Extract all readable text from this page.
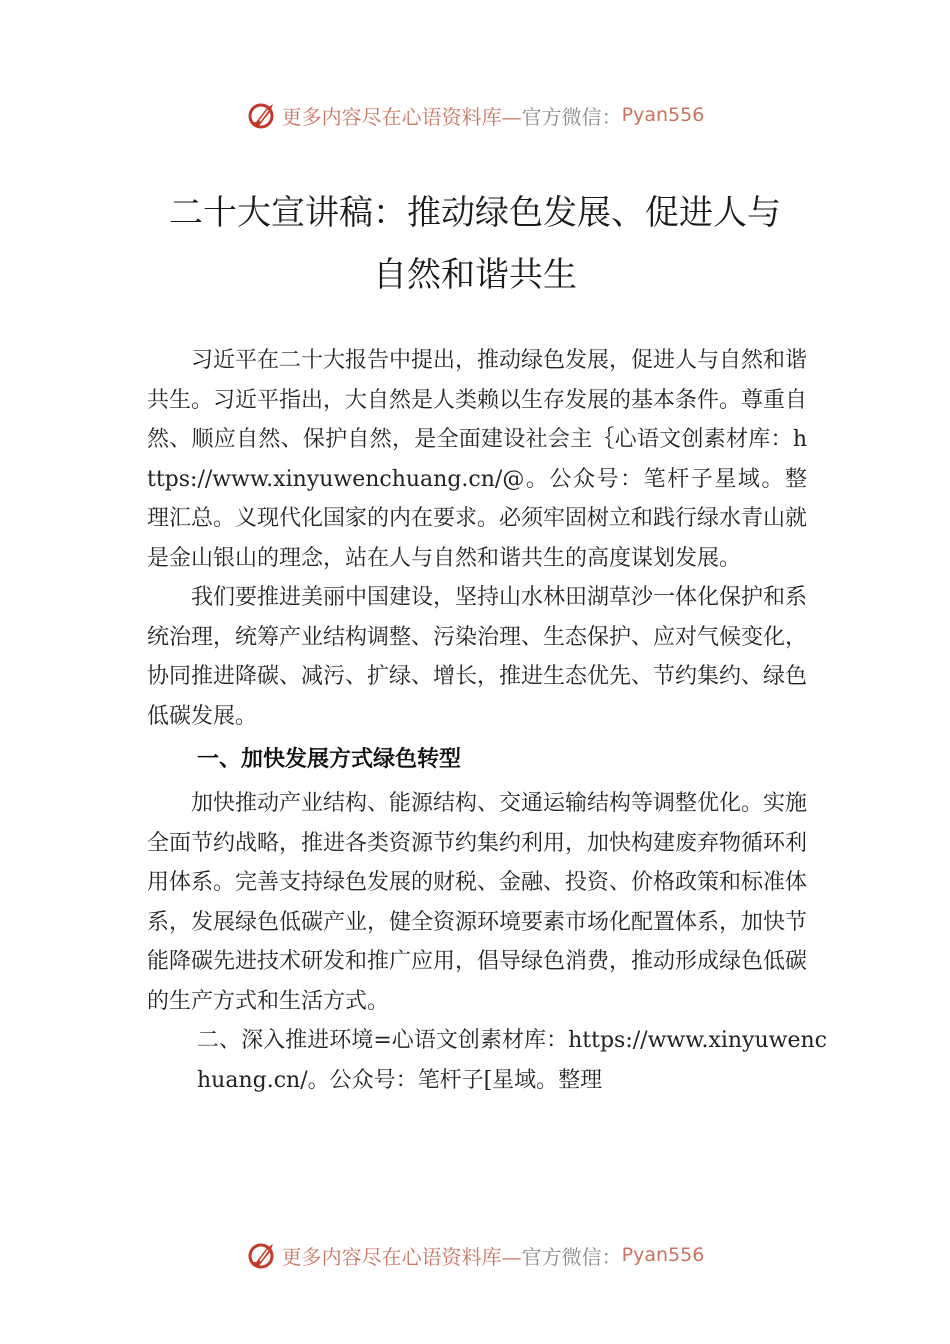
更多内容尽在心语资料库— 官方微信： Pyan556
二十大宣讲稿：推动绿色发展、促进人与
自然和谐共生

习近平在二十大报告中提出，推动绿色发展，促进人与自然和谐共生。习近平指出，大自然是人类赖以生存发展的基本条件。尊重自然、顺应自然、保护自然，是全面建设社会主｛心语文创素材库：https://www.xinyuwenchuang.cn/@。公众号：笔杆子星域。整理汇总。义现代化国家的内在要求。必须牢固树立和践行绿水青山就是金山银山的理念，站在人与自然和谐共生的高度谋划发展。

我们要推进美丽中国建设，坚持山水林田湖草沙一体化保护和系统治理，统筹产业结构调整、污染治理、生态保护、应对气候变化，协同推进降碳、减污、扩绿、增长，推进生态优先、节约集约、绿色低碳发展。

一、加快发展方式绿色转型

加快推动产业结构、能源结构、交通运输结构等调整优化。实施全面节约战略，推进各类资源节约集约利用，加快构建废弃物循环利用体系。完善支持绿色发展的财税、金融、投资、价格政策和标准体系，发展绿色低碳产业，健全资源环境要素市场化配置体系，加快节能降碳先进技术研发和推广应用，倡导绿色消费，推动形成绿色低碳的生产方式和生活方式。

二、深入推进环境=心语文创素材库：https://www.xinyuwenchuang.cn/。公众号：笔杆子[星域。整理

更多内容尽在心语资料库— 官方微信： Pyan556
